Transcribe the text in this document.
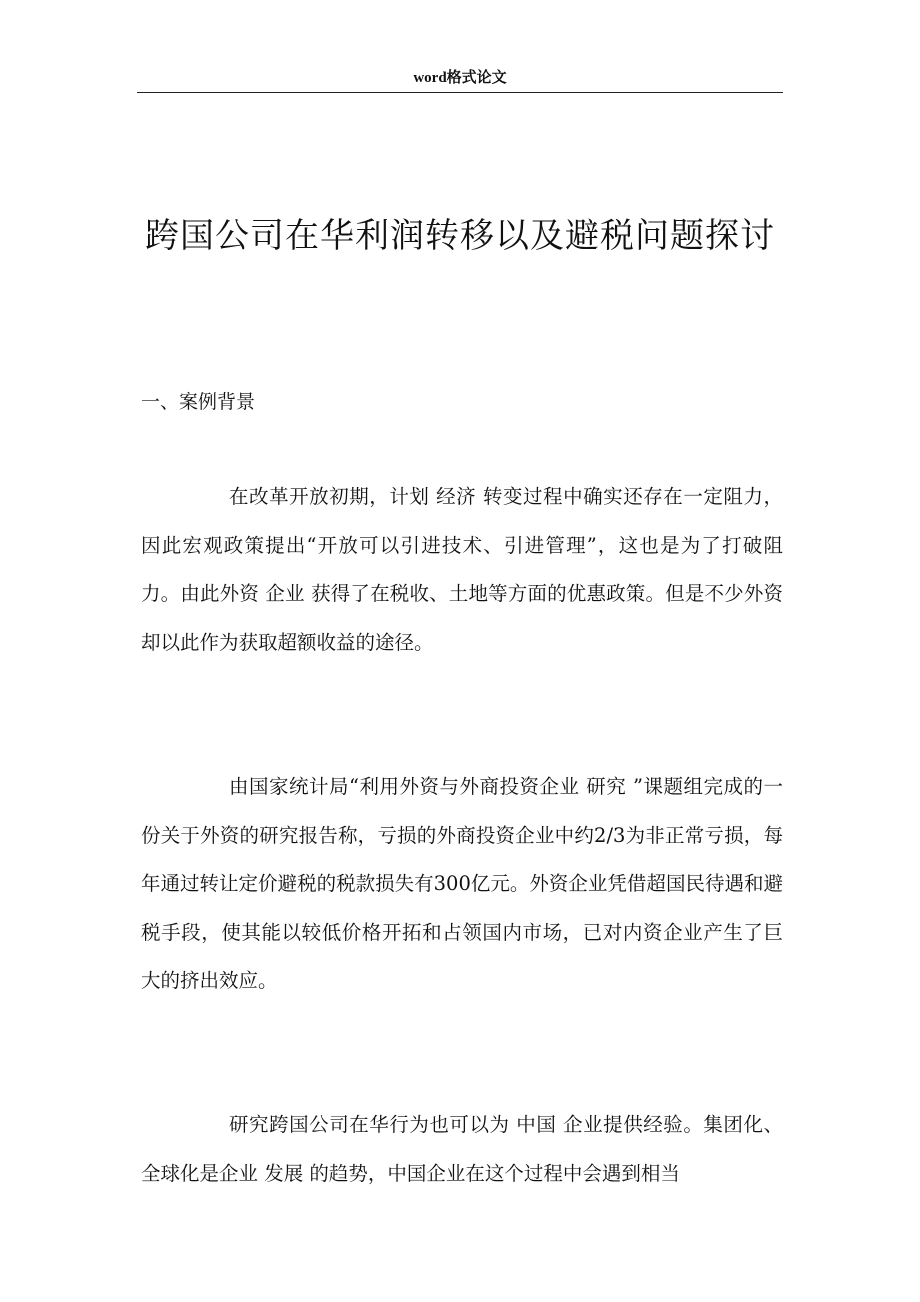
word格式论文
跨国公司在华利润转移以及避税问题探讨
一、案例背景

在改革开放初期，计划 经济 转变过程中确实还存在一定阻力，因此宏观政策提出“开放可以引进技术、引进管理”，这也是为了打破阻力。由此外资 企业 获得了在税收、土地等方面的优惠政策。但是不少外资却以此作为获取超额收益的途径。

由国家统计局“利用外资与外商投资企业 研究 ”课题组完成的一份关于外资的研究报告称，亏损的外商投资企业中约2/3为非正常亏损，每年通过转让定价避税的税款损失有300亿元。外资企业凭借超国民待遇和避税手段，使其能以较低价格开拓和占领国内市场，已对内资企业产生了巨大的挤出效应。

研究跨国公司在华行为也可以为 中国 企业提供经验。集团化、全球化是企业 发展 的趋势，中国企业在这个过程中会遇到相当
